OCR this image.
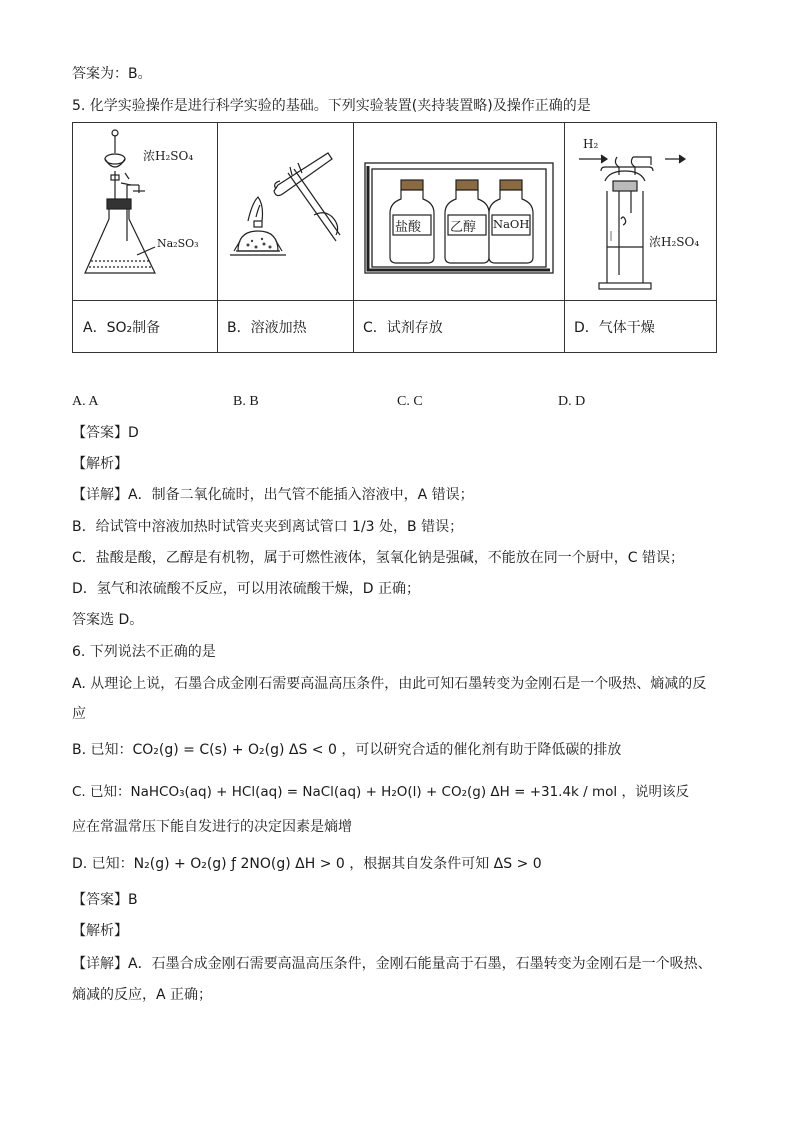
答案为：B。
5. 化学实验操作是进行科学实验的基础。下列实验装置(夹持装置略)及操作正确的是
浓H₂SO₄
Na₂SO₃
盐酸 乙醇 NaOH
H₂
浓H₂SO₄
A．SO₂制备	B．溶液加热	C．试剂存放	D．气体干燥
A. A	B. B	C. C	D. D
【答案】D
【解析】
【详解】A．制备二氧化硫时，出气管不能插入溶液中，A 错误；
B．给试管中溶液加热时试管夹夹到离试管口 1/3 处，B 错误；
C．盐酸是酸，乙醇是有机物，属于可燃性液体，氢氧化钠是强碱，不能放在同一个厨中，C 错误；
D．氢气和浓硫酸不反应，可以用浓硫酸干燥，D 正确；
答案选 D。
6. 下列说法不正确的是
A. 从理论上说，石墨合成金刚石需要高温高压条件，由此可知石墨转变为金刚石是一个吸热、熵减的反
应
B. 已知：CO₂(g) = C(s) + O₂(g) ΔS < 0 ，可以研究合适的催化剂有助于降低碳的排放
C. 已知：NaHCO₃(aq) + HCl(aq) = NaCl(aq) + H₂O(l) + CO₂(g) ΔH = +31.4k / mol ，说明该反
应在常温常压下能自发进行的决定因素是熵增
D. 已知：N₂(g) + O₂(g) ƒ 2NO(g) ΔH > 0 ，根据其自发条件可知 ΔS > 0
【答案】B
【解析】
【详解】A．石墨合成金刚石需要高温高压条件，金刚石能量高于石墨，石墨转变为金刚石是一个吸热、
熵减的反应，A 正确；
